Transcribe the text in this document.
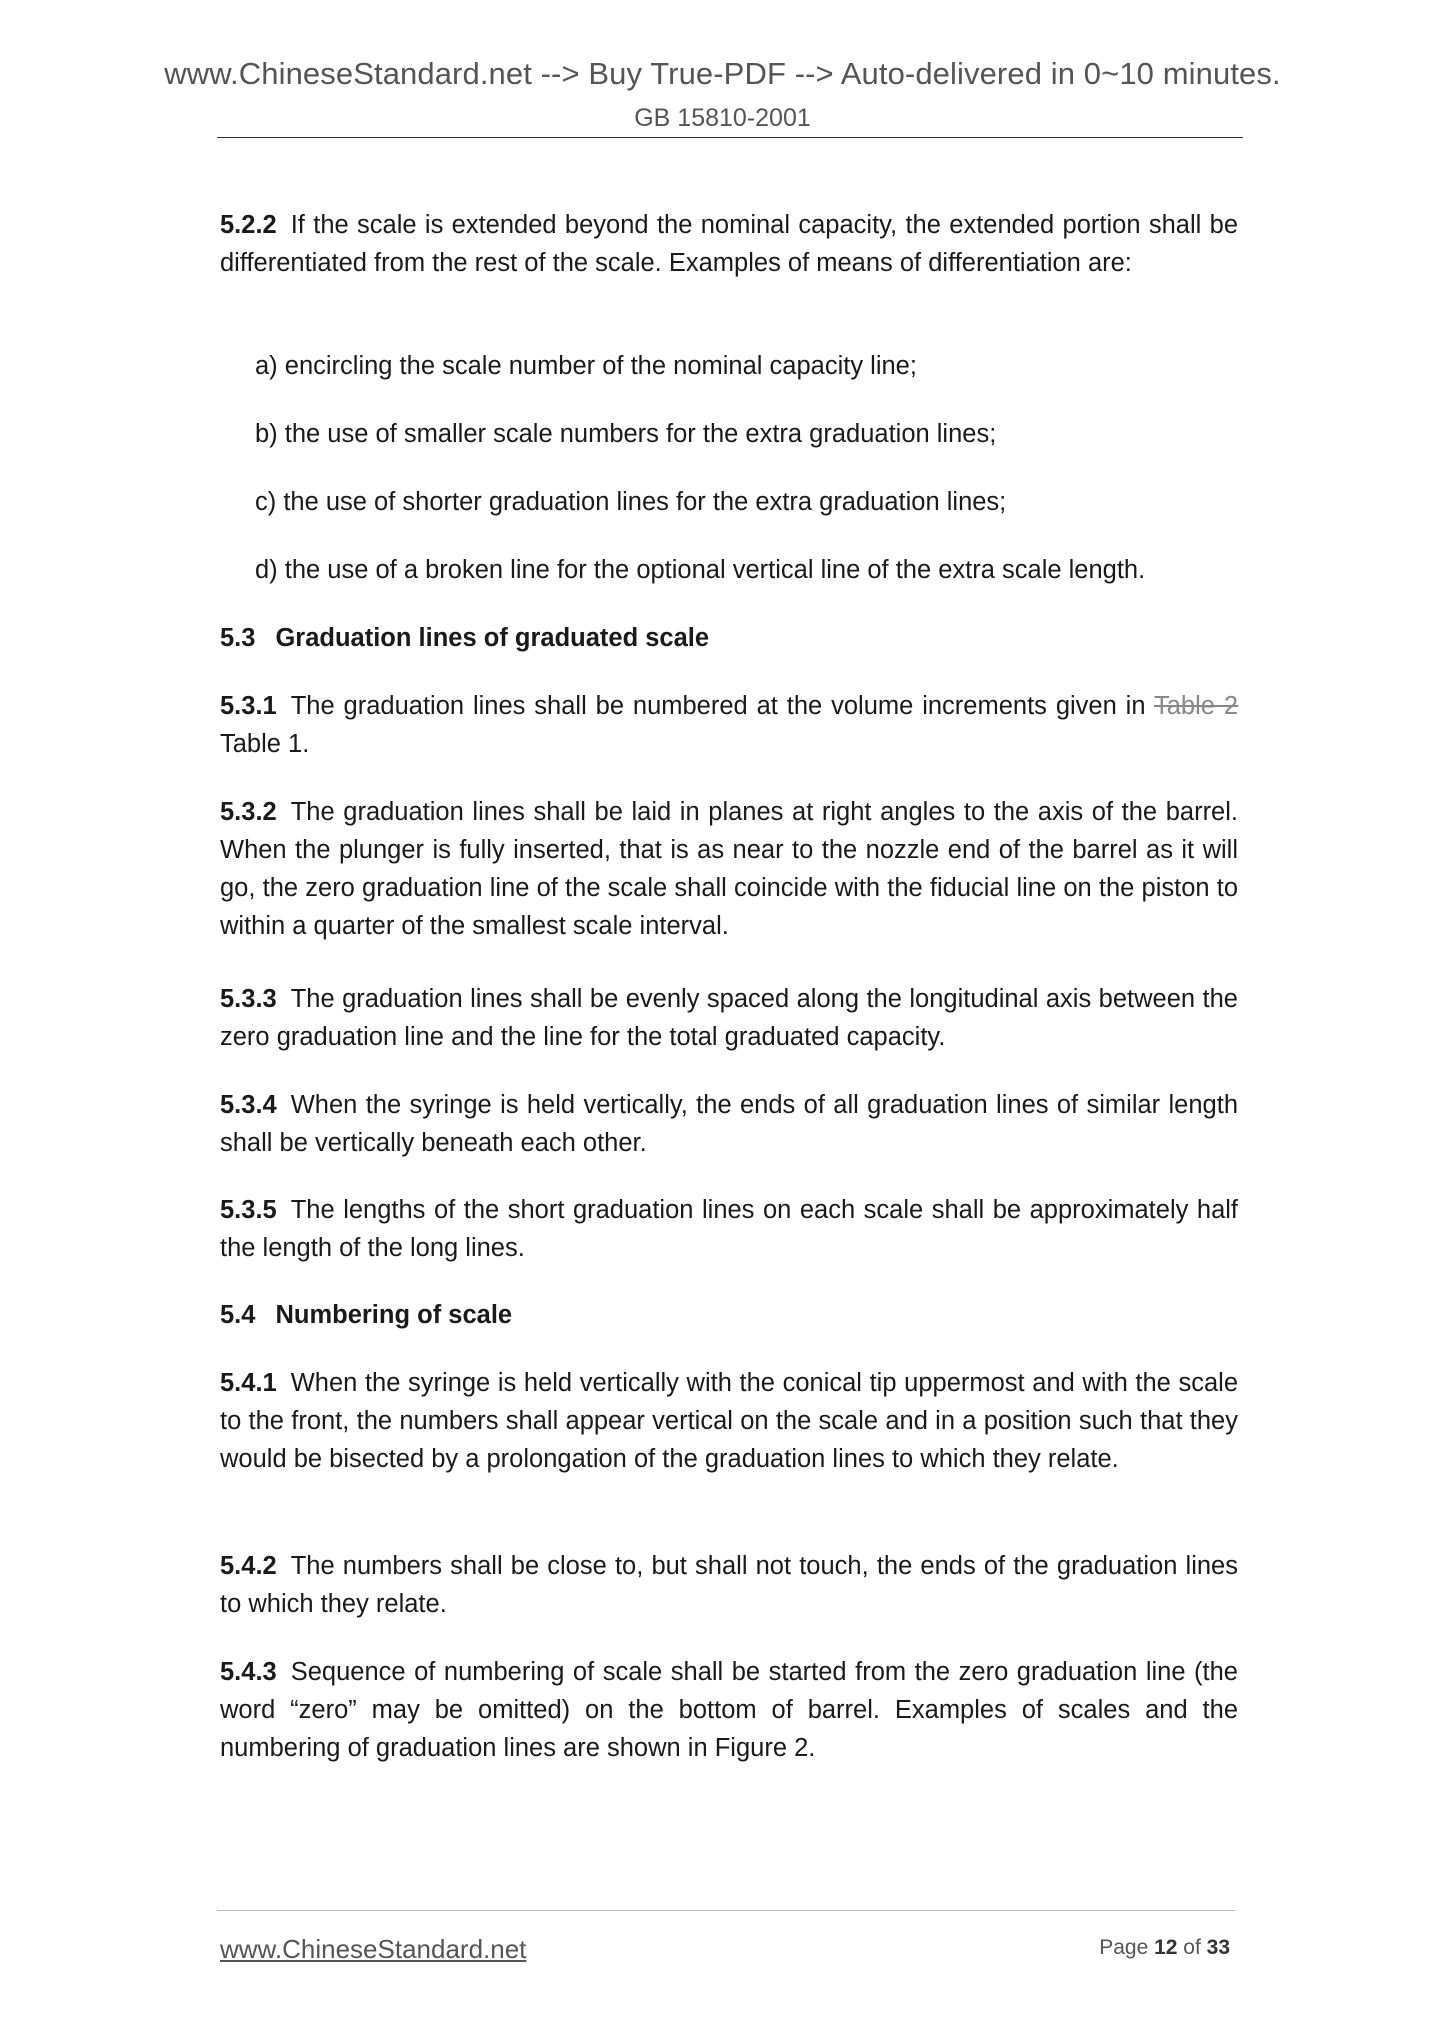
www.ChineseStandard.net --> Buy True-PDF --> Auto-delivered in 0~10 minutes.
GB 15810-2001

5.2.2 If the scale is extended beyond the nominal capacity, the extended portion shall be differentiated from the rest of the scale. Examples of means of differentiation are:

a) encircling the scale number of the nominal capacity line;

b) the use of smaller scale numbers for the extra graduation lines;

c) the use of shorter graduation lines for the extra graduation lines;

d) the use of a broken line for the optional vertical line of the extra scale length.

5.3 Graduation lines of graduated scale

5.3.1 The graduation lines shall be numbered at the volume increments given in Table 2 Table 1.

5.3.2 The graduation lines shall be laid in planes at right angles to the axis of the barrel. When the plunger is fully inserted, that is as near to the nozzle end of the barrel as it will go, the zero graduation line of the scale shall coincide with the fiducial line on the piston to within a quarter of the smallest scale interval.

5.3.3 The graduation lines shall be evenly spaced along the longitudinal axis between the zero graduation line and the line for the total graduated capacity.

5.3.4 When the syringe is held vertically, the ends of all graduation lines of similar length shall be vertically beneath each other.

5.3.5 The lengths of the short graduation lines on each scale shall be approximately half the length of the long lines.

5.4 Numbering of scale

5.4.1 When the syringe is held vertically with the conical tip uppermost and with the scale to the front, the numbers shall appear vertical on the scale and in a position such that they would be bisected by a prolongation of the graduation lines to which they relate.

5.4.2 The numbers shall be close to, but shall not touch, the ends of the graduation lines to which they relate.

5.4.3 Sequence of numbering of scale shall be started from the zero graduation line (the word “zero” may be omitted) on the bottom of barrel. Examples of scales and the numbering of graduation lines are shown in Figure 2.

www.ChineseStandard.net	Page 12 of 33
